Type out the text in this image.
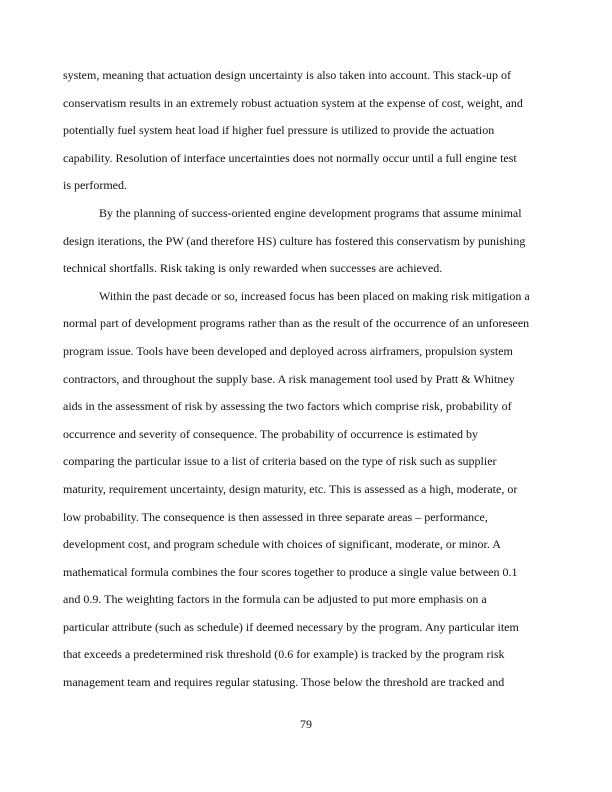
system, meaning that actuation design uncertainty is also taken into account. This stack-up of
conservatism results in an extremely robust actuation system at the expense of cost, weight, and
potentially fuel system heat load if higher fuel pressure is utilized to provide the actuation
capability. Resolution of interface uncertainties does not normally occur until a full engine test
is performed.
By the planning of success-oriented engine development programs that assume minimal
design iterations, the PW (and therefore HS) culture has fostered this conservatism by punishing
technical shortfalls. Risk taking is only rewarded when successes are achieved.
Within the past decade or so, increased focus has been placed on making risk mitigation a
normal part of development programs rather than as the result of the occurrence of an unforeseen
program issue. Tools have been developed and deployed across airframers, propulsion system
contractors, and throughout the supply base. A risk management tool used by Pratt & Whitney
aids in the assessment of risk by assessing the two factors which comprise risk, probability of
occurrence and severity of consequence. The probability of occurrence is estimated by
comparing the particular issue to a list of criteria based on the type of risk such as supplier
maturity, requirement uncertainty, design maturity, etc. This is assessed as a high, moderate, or
low probability. The consequence is then assessed in three separate areas – performance,
development cost, and program schedule with choices of significant, moderate, or minor. A
mathematical formula combines the four scores together to produce a single value between 0.1
and 0.9. The weighting factors in the formula can be adjusted to put more emphasis on a
particular attribute (such as schedule) if deemed necessary by the program. Any particular item
that exceeds a predetermined risk threshold (0.6 for example) is tracked by the program risk
management team and requires regular statusing. Those below the threshold are tracked and
79
